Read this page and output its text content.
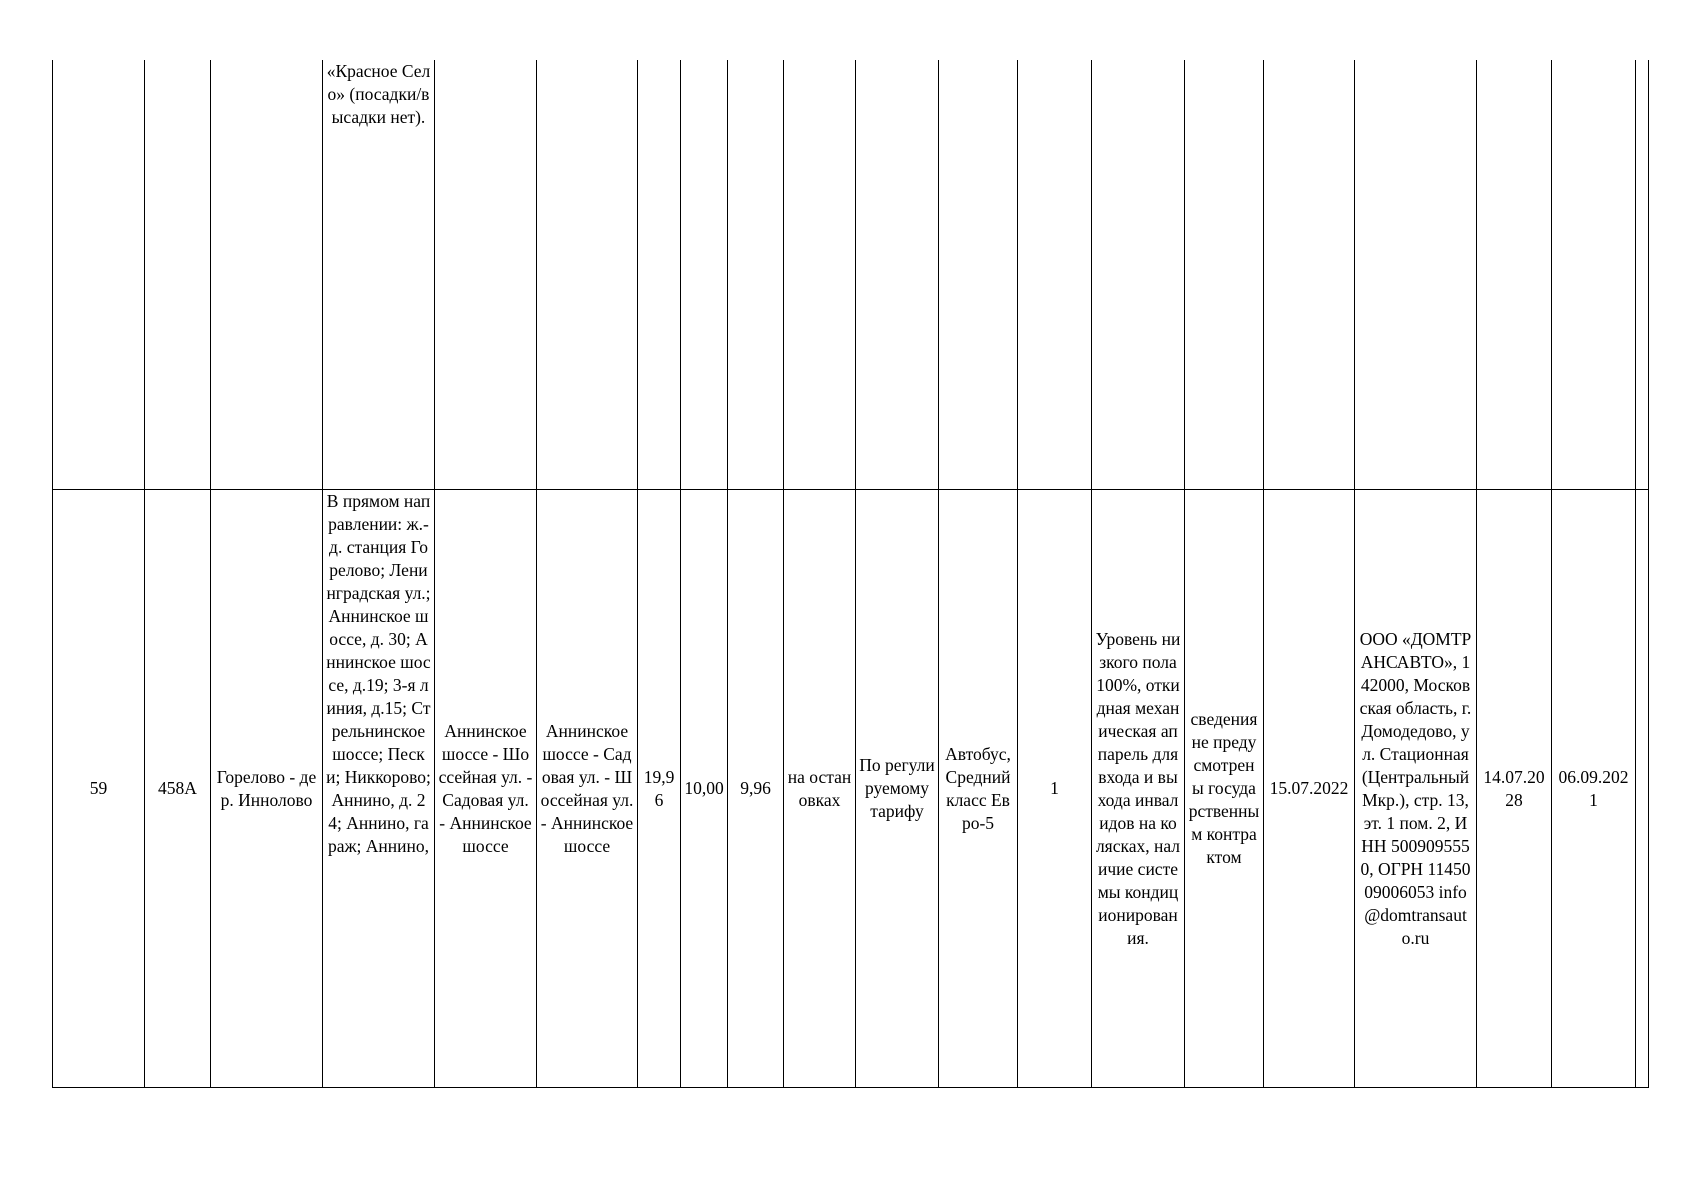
			«Красное Село» (посадки/высадки нет).																

59	458А	Горелово - дер. Иннолово	В прямом направлении: ж.-д. станция Горелово; Ленинградская ул.; Аннинское шоссе, д. 30; Аннинское шоссе, д.19; 3-я линия, д.15; Стрельнинское шоссе; Пески; Никкорово; Аннино, д. 24; Аннино, гараж; Аннино,	Аннинское шоссе - Шоссейная ул. - Садовая ул. - Аннинское шоссе	Аннинское шоссе - Садовая ул. - Шоссейная ул. - Аннинское шоссе	19,96	10,00	9,96	на остановках	По регулируемому тарифу	Автобус, Средний класс Евро-5	1	Уровень низкого пола 100%, откидная механическая аппарель для входа и выхода инвалидов на колясках, наличие системы кондиционирования.	сведения не предусмотрены государственным контрактом	15.07.2022	ООО «ДОМТРАНСАВТО», 142000, Московская область, г. Домодедово, ул. Стационная (Центральный Мкр.), стр. 13, эт. 1 пом. 2, ИНН 5009095550, ОГРН 1145009006053 info@domtransauto.ru	14.07.2028	06.09.2021	
